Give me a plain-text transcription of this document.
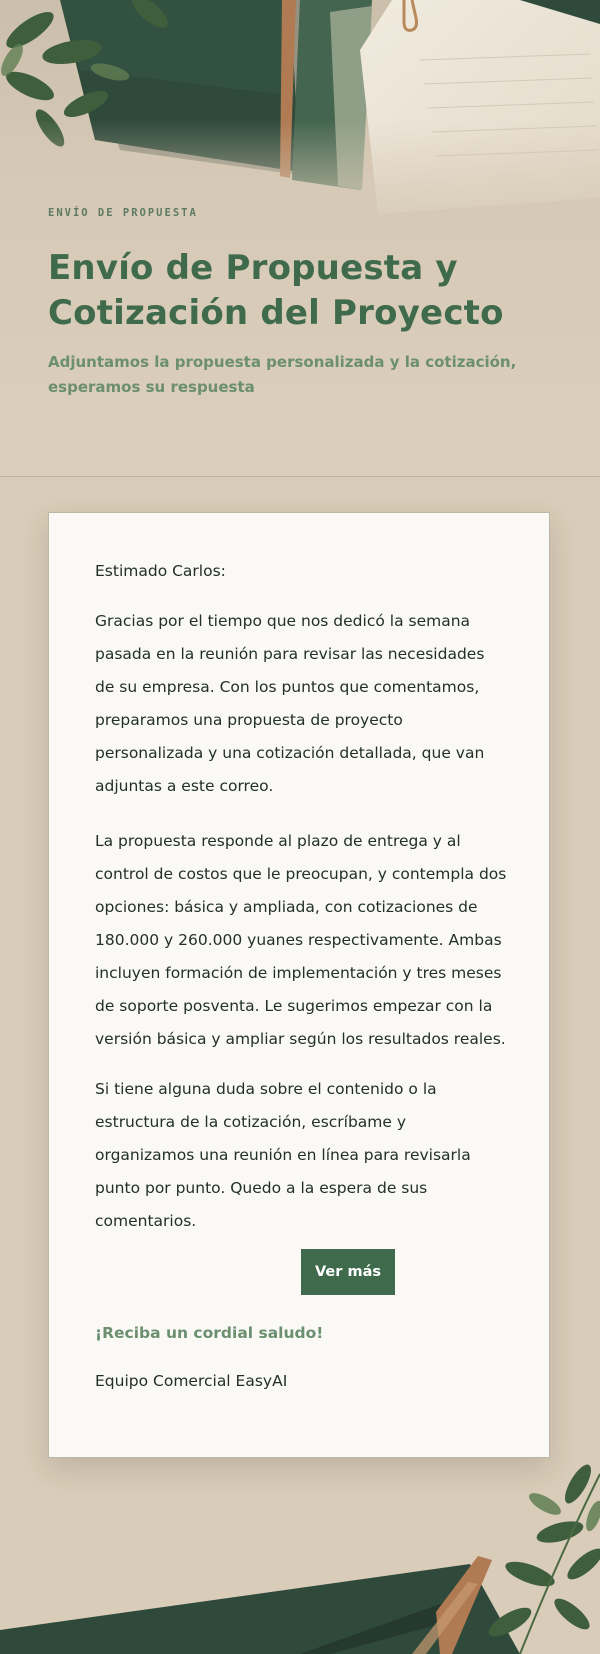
ENVÍO DE PROPUESTA
Envío de Propuesta y Cotización del Proyecto

Adjuntamos la propuesta personalizada y la cotización, esperamos su respuesta

Estimado Carlos:

Gracias por el tiempo que nos dedicó la semana pasada en la reunión para revisar las necesidades de su empresa. Con los puntos que comentamos, preparamos una propuesta de proyecto personalizada y una cotización detallada, que van adjuntas a este correo.

La propuesta responde al plazo de entrega y al control de costos que le preocupan, y contempla dos opciones: básica y ampliada, con cotizaciones de 180.000 y 260.000 yuanes respectivamente. Ambas incluyen formación de implementación y tres meses de soporte posventa. Le sugerimos empezar con la versión básica y ampliar según los resultados reales.

Si tiene alguna duda sobre el contenido o la estructura de la cotización, escríbame y organizamos una reunión en línea para revisarla punto por punto. Quedo a la espera de sus comentarios.

Ver más

¡Reciba un cordial saludo!

Equipo Comercial EasyAI
